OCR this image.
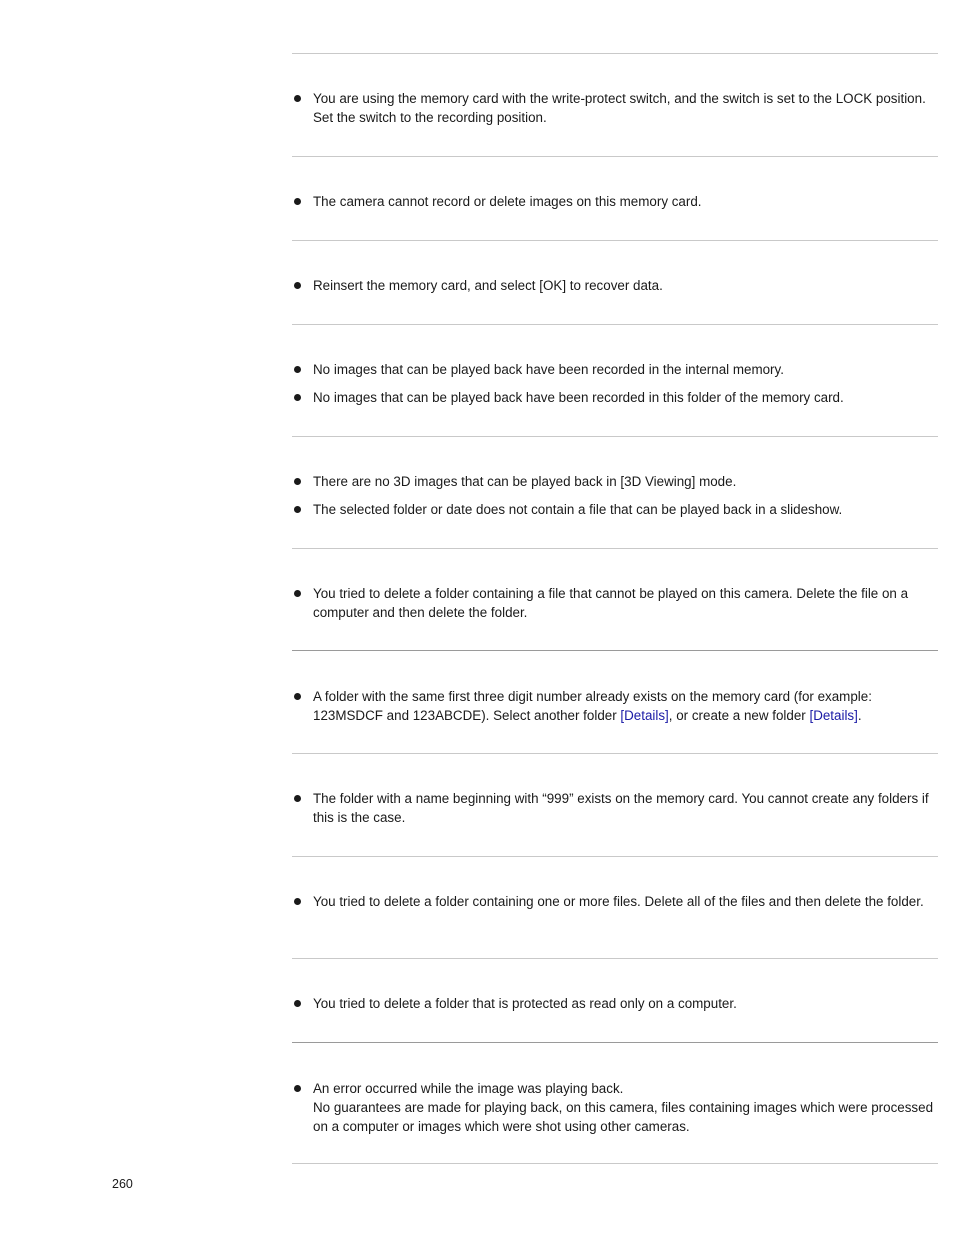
You are using the memory card with the write-protect switch, and the switch is set to the LOCK position. Set the switch to the recording position.
The camera cannot record or delete images on this memory card.
Reinsert the memory card, and select [OK] to recover data.
No images that can be played back have been recorded in the internal memory.
No images that can be played back have been recorded in this folder of the memory card.
There are no 3D images that can be played back in [3D Viewing] mode.
The selected folder or date does not contain a file that can be played back in a slideshow.
You tried to delete a folder containing a file that cannot be played on this camera. Delete the file on a computer and then delete the folder.
A folder with the same first three digit number already exists on the memory card (for example: 123MSDCF and 123ABCDE). Select another folder [Details], or create a new folder [Details].
The folder with a name beginning with “999” exists on the memory card. You cannot create any folders if this is the case.
You tried to delete a folder containing one or more files. Delete all of the files and then delete the folder.
You tried to delete a folder that is protected as read only on a computer.
An error occurred while the image was playing back.
No guarantees are made for playing back, on this camera, files containing images which were processed on a computer or images which were shot using other cameras.
260
